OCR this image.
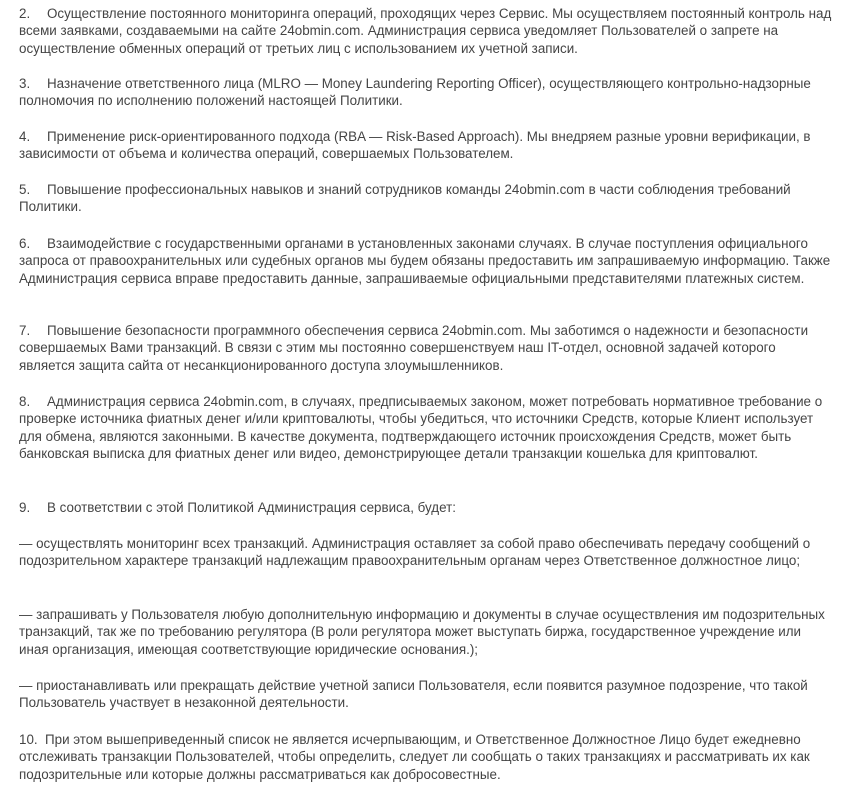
2. Осуществление постоянного мониторинга операций, проходящих через Сервис. Мы осуществляем постоянный контроль над всеми заявками, создаваемыми на сайте 24obmin.com. Администрация сервиса уведомляет Пользователей о запрете на осуществление обменных операций от третьих лиц с использованием их учетной записи.

3. Назначение ответственного лица (MLRO — Money Laundering Reporting Officer), осуществляющего контрольно-надзорные полномочия по исполнению положений настоящей Политики.

4. Применение риск-ориентированного подхода (RBA — Risk-Based Approach). Мы внедряем разные уровни верификации, в зависимости от объема и количества операций, совершаемых Пользователем.

5. Повышение профессиональных навыков и знаний сотрудников команды 24obmin.com в части соблюдения требований Политики.

6. Взаимодействие с государственными органами в установленных законами случаях. В случае поступления официального запроса от правоохранительных или судебных органов мы будем обязаны предоставить им запрашиваемую информацию. Также Администрация сервиса вправе предоставить данные, запрашиваемые официальными представителями платежных систем.

7. Повышение безопасности программного обеспечения сервиса 24obmin.com. Мы заботимся о надежности и безопасности совершаемых Вами транзакций. В связи с этим мы постоянно совершенствуем наш IT-отдел, основной задачей которого является защита сайта от несанкционированного доступа злоумышленников.

8. Администрация сервиса 24obmin.com, в случаях, предписываемых законом, может потребовать нормативное требование о проверке источника фиатных денег и/или криптовалюты, чтобы убедиться, что источники Средств, которые Клиент использует для обмена, являются законными. В качестве документа, подтверждающего источник происхождения Средств, может быть банковская выписка для фиатных денег или видео, демонстрирующее детали транзакции кошелька для криптовалют.

9. В соответствии с этой Политикой Администрация сервиса, будет:

— осуществлять мониторинг всех транзакций. Администрация оставляет за собой право обеспечивать передачу сообщений о подозрительном характере транзакций надлежащим правоохранительным органам через Ответственное должностное лицо;

— запрашивать у Пользователя любую дополнительную информацию и документы в случае осуществления им подозрительных транзакций, так же по требованию регулятора (В роли регулятора может выступать биржа, государственное учреждение или иная организация, имеющая соответствующие юридические основания.);

— приостанавливать или прекращать действие учетной записи Пользователя, если появится разумное подозрение, что такой Пользователь участвует в незаконной деятельности.

10. При этом вышеприведенный список не является исчерпывающим, и Ответственное Должностное Лицо будет ежедневно отслеживать транзакции Пользователей, чтобы определить, следует ли сообщать о таких транзакциях и рассматривать их как подозрительные или которые должны рассматриваться как добросовестные.
